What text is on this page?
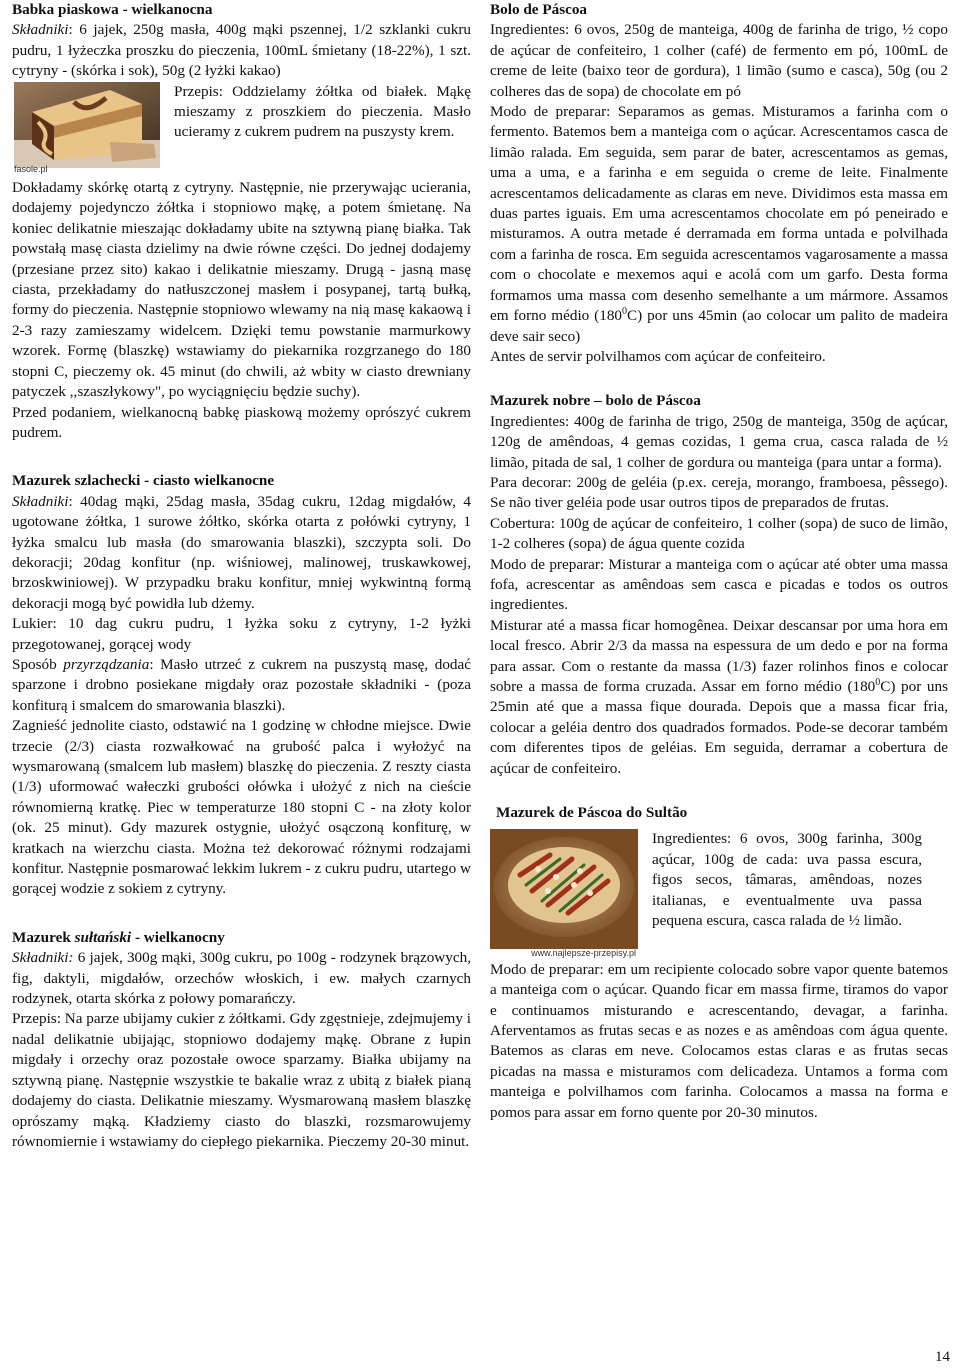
Babka piaskowa - wielkanocna

Składniki: 6 jajek, 250g masła, 400g mąki pszennej, 1/2 szklanki cukru pudru, 1 łyżeczka proszku do pieczenia, 100mL śmietany (18-22%), 1 szt. cytryny - (skórka i sok), 50g (2 łyżki kakao)

fasole.pl

Przepis: Oddzielamy żółtka od białek. Mąkę mieszamy z proszkiem do pieczenia. Masło ucieramy z cukrem pudrem na puszysty krem.

Dokładamy skórkę otartą z cytryny. Następnie, nie przerywając ucierania, dodajemy pojedynczo żółtka i stopniowo mąkę, a potem śmietanę. Na koniec delikatnie mieszając dokładamy ubite na sztywną pianę białka. Tak powstałą masę ciasta dzielimy na dwie równe części. Do jednej dodajemy (przesiane przez sito) kakao i delikatnie mieszamy. Drugą - jasną masę ciasta, przekładamy do natłuszczonej masłem i posypanej, tartą bułką, formy do pieczenia. Następnie stopniowo wlewamy na nią masę kakaową i 2-3 razy zamieszamy widelcem. Dzięki temu powstanie marmurkowy wzorek. Formę (blaszkę) wstawiamy do piekarnika rozgrzanego do 180 stopni C, pieczemy ok. 45 minut (do chwili, aż wbity w ciasto drewniany patyczek ,,szaszłykowy", po wyciągnięciu będzie suchy).

Przed podaniem, wielkanocną babkę piaskową możemy oprószyć cukrem pudrem.

Mazurek szlachecki - ciasto wielkanocne

Składniki: 40dag mąki, 25dag masła, 35dag cukru, 12dag migdałów, 4 ugotowane żółtka, 1 surowe żółtko, skórka otarta z połówki cytryny, 1 łyżka smalcu lub masła (do smarowania blaszki), szczypta soli. Do dekoracji; 20dag konfitur (np. wiśniowej, malinowej, truskawkowej, brzoskwiniowej). W przypadku braku konfitur, mniej wykwintną formą dekoracji mogą być powidła lub dżemy.

Lukier: 10 dag cukru pudru, 1 łyżka soku z cytryny, 1-2 łyżki przegotowanej, gorącej wody

Sposób przyrządzania: Masło utrzeć z cukrem na puszystą masę, dodać sparzone i drobno posiekane migdały oraz pozostałe składniki - (poza konfiturą i smalcem do smarowania blaszki).

Zagnieść jednolite ciasto, odstawić na 1 godzinę w chłodne miejsce. Dwie trzecie (2/3) ciasta rozwałkować na grubość palca i wyłożyć na wysmarowaną (smalcem lub masłem) blaszkę do pieczenia. Z reszty ciasta (1/3) uformować wałeczki grubości ołówka i ułożyć z nich na cieście równomierną kratkę. Piec w temperaturze 180 stopni C - na złoty kolor (ok. 25 minut). Gdy mazurek ostygnie, ułożyć osączoną konfiturę, w kratkach na wierzchu ciasta. Można też dekorować różnymi rodzajami konfitur. Następnie posmarować lekkim lukrem - z cukru pudru, utartego w gorącej wodzie z sokiem z cytryny.

Mazurek sułtański - wielkanocny

Składniki: 6 jajek, 300g mąki, 300g cukru, po 100g - rodzynek brązowych, fig, daktyli, migdałów, orzechów włoskich, i ew. małych czarnych rodzynek, otarta skórka z połowy pomarańczy.

Przepis: Na parze ubijamy cukier z żółtkami. Gdy zgęstnieje, zdejmujemy i nadal delikatnie ubijając, stopniowo dodajemy mąkę. Obrane z łupin migdały i orzechy oraz pozostałe owoce sparzamy. Białka ubijamy na sztywną pianę. Następnie wszystkie te bakalie wraz z ubitą z białek pianą dodajemy do ciasta. Delikatnie mieszamy. Wysmarowaną masłem blaszkę oprószamy mąką. Kładziemy ciasto do blaszki, rozsmarowujemy równomiernie i wstawiamy do ciepłego piekarnika. Pieczemy 20-30 minut.

Bolo de Páscoa

Ingredientes: 6 ovos, 250g de manteiga, 400g de farinha de trigo, ½ copo de açúcar de confeiteiro, 1 colher (café) de fermento em pó, 100mL de creme de leite (baixo teor de gordura), 1 limão (sumo e casca), 50g (ou 2 colheres das de sopa) de chocolate em pó

Modo de preparar: Separamos as gemas. Misturamos a farinha com o fermento. Batemos bem a manteiga com o açúcar. Acrescentamos casca de limão ralada. Em seguida, sem parar de bater, acrescentamos as gemas, uma a uma, e a farinha e em seguida o creme de leite. Finalmente acrescentamos delicadamente as claras em neve. Dividimos esta massa em duas partes iguais. Em uma acrescentamos chocolate em pó peneirado e misturamos. A outra metade é derramada em forma untada e polvilhada com a farinha de rosca. Em seguida acrescentamos vagarosamente a massa com o chocolate e mexemos aqui e acolá com um garfo. Desta forma formamos uma massa com desenho semelhante a um mármore. Assamos em forno médio $(180^0C)$ por uns 45min (ao colocar um palito de madeira deve sair seco)

Antes de servir polvilhamos com açúcar de confeiteiro.

Mazurek nobre – bolo de Páscoa

Ingredientes: 400g de farinha de trigo, 250g de manteiga, 350g de açúcar, 120g de amêndoas, 4 gemas cozidas, 1 gema crua, casca ralada de ½ limão, pitada de sal, 1 colher de gordura ou manteiga (para untar a forma).

Para decorar: 200g de geléia (p.ex. cereja, morango, framboesa, pêssego). Se não tiver geléia pode usar outros tipos de preparados de frutas.

Cobertura: 100g de açúcar de confeiteiro, 1 colher (sopa) de suco de limão, 1-2 colheres (sopa) de água quente cozida

Modo de preparar: Misturar a manteiga com o açúcar até obter uma massa fofa, acrescentar as amêndoas sem casca e picadas e todos os outros ingredientes.

Misturar até a massa ficar homogênea. Deixar descansar por uma hora em local fresco. Abrir 2/3 da massa na espessura de um dedo e por na forma para assar. Com o restante da massa (1/3) fazer rolinhos finos e colocar sobre a massa de forma cruzada. Assar em forno médio $(180^0C)$ por uns 25min até que a massa fique dourada. Depois que a massa ficar fria, colocar a geléia dentro dos quadrados formados. Pode-se decorar também com diferentes tipos de geléias. Em seguida, derramar a cobertura de açúcar de confeiteiro.

Mazurek de Páscoa do Sultão

www.najlepsze-przepisy.pl

Ingredientes: 6 ovos, 300g farinha, 300g açúcar, 100g de cada: uva passa escura, figos secos, tâmaras, amêndoas, nozes italianas, e eventualmente uva passa pequena escura, casca ralada de ½ limão.

Modo de preparar: em um recipiente colocado sobre vapor quente batemos a manteiga com o açúcar. Quando ficar em massa firme, tiramos do vapor e continuamos misturando e acrescentando, devagar, a farinha. Aferventamos as frutas secas e as nozes e as amêndoas com água quente. Batemos as claras em neve. Colocamos estas claras e as frutas secas picadas na massa e misturamos com delicadeza. Untamos a forma com manteiga e polvilhamos com farinha. Colocamos a massa na forma e pomos para assar em forno quente por 20-30 minutos.

14
